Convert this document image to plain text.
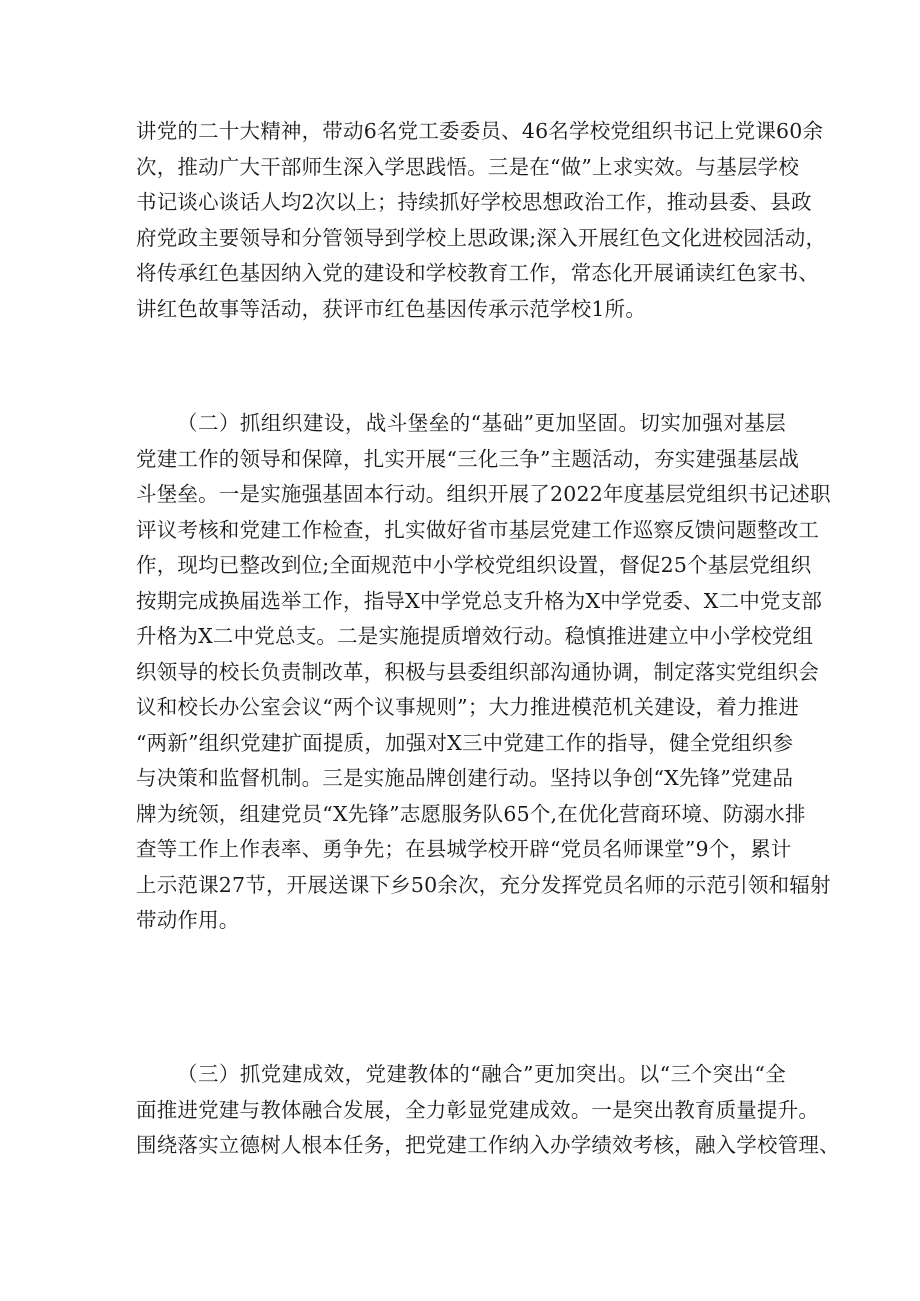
讲党的二十大精神，带动6名党工委委员、46名学校党组织书记上党课60余
次，推动广大干部师生深入学思践悟。三是在“做”上求实效。与基层学校
书记谈心谈话人均2次以上；持续抓好学校思想政治工作，推动县委、县政
府党政主要领导和分管领导到学校上思政课;深入开展红色文化进校园活动，
将传承红色基因纳入党的建设和学校教育工作，常态化开展诵读红色家书、
讲红色故事等活动，获评市红色基因传承示范学校1所。
（二）抓组织建设，战斗堡垒的“基础”更加坚固。切实加强对基层
党建工作的领导和保障，扎实开展“三化三争”主题活动，夯实建强基层战
斗堡垒。一是实施强基固本行动。组织开展了2022年度基层党组织书记述职
评议考核和党建工作检查，扎实做好省市基层党建工作巡察反馈问题整改工
作，现均已整改到位;全面规范中小学校党组织设置，督促25个基层党组织
按期完成换届选举工作，指导X中学党总支升格为X中学党委、X二中党支部
升格为X二中党总支。二是实施提质增效行动。稳慎推进建立中小学校党组
织领导的校长负责制改革，积极与县委组织部沟通协调，制定落实党组织会
议和校长办公室会议“两个议事规则”；大力推进模范机关建设，着力推进
“两新”组织党建扩面提质，加强对X三中党建工作的指导，健全党组织参
与决策和监督机制。三是实施品牌创建行动。坚持以争创“X先锋”党建品
牌为统领，组建党员“X先锋”志愿服务队65个,在优化营商环境、防溺水排
查等工作上作表率、勇争先；在县城学校开辟“党员名师课堂”9个，累计
上示范课27节，开展送课下乡50余次，充分发挥党员名师的示范引领和辐射
带动作用。
（三）抓党建成效，党建教体的“融合”更加突出。以“三个突出“全
面推进党建与教体融合发展，全力彰显党建成效。一是突出教育质量提升。
围绕落实立德树人根本任务，把党建工作纳入办学绩效考核，融入学校管理、
